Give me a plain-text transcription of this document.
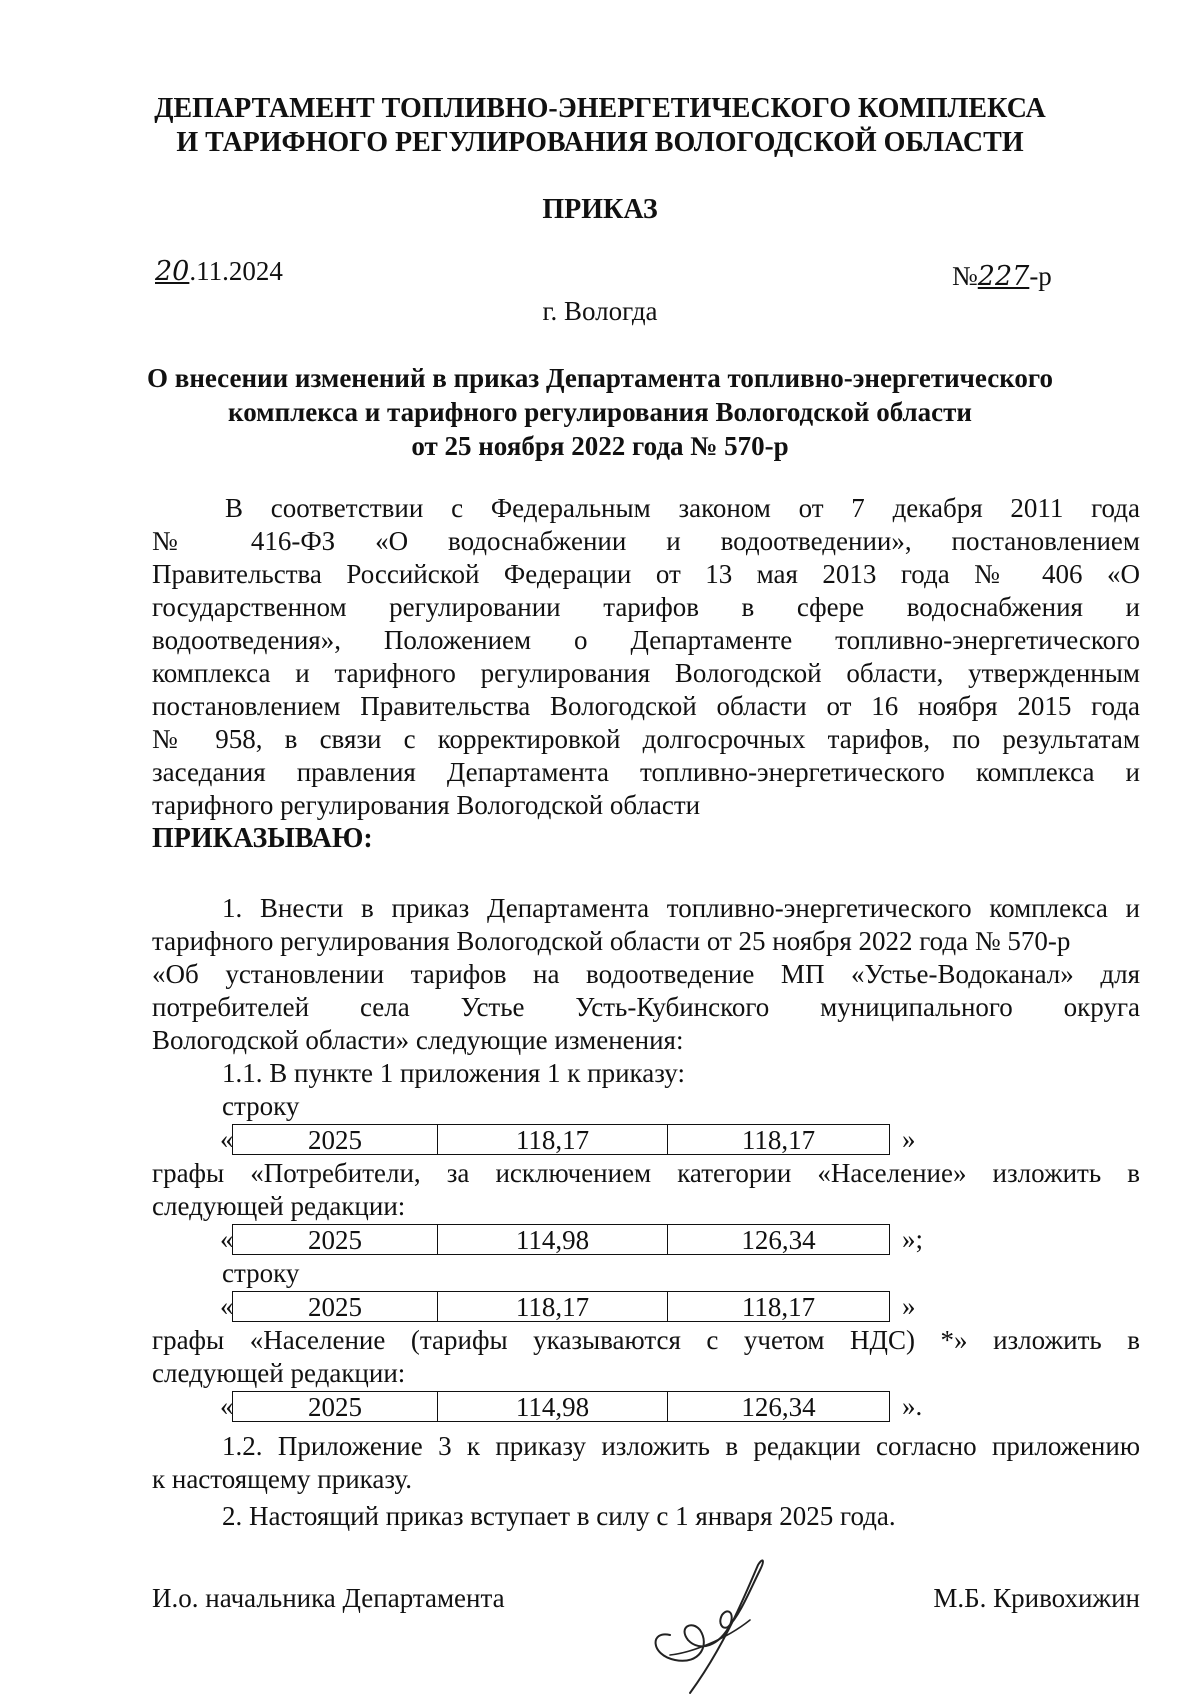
ДЕПАРТАМЕНТ ТОПЛИВНО-ЭНЕРГЕТИЧЕСКОГО КОМПЛЕКСА
И ТАРИФНОГО РЕГУЛИРОВАНИЯ ВОЛОГОДСКОЙ ОБЛАСТИ
ПРИКАЗ
20.11.2024	№227-р
г. Вологда
О внесении изменений в приказ Департамента топливно-энергетического
комплекса и тарифного регулирования Вологодской области
от 25 ноября 2022 года № 570-р
В соответствии с Федеральным законом от 7 декабря 2011 года
№ 416-ФЗ «О водоснабжении и водоотведении», постановлением
Правительства Российской Федерации от 13 мая 2013 года № 406 «О
государственном регулировании тарифов в сфере водоснабжения и
водоотведения», Положением о Департаменте топливно-энергетического
комплекса и тарифного регулирования Вологодской области, утвержденным
постановлением Правительства Вологодской области от 16 ноября 2015 года
№ 958, в связи с корректировкой долгосрочных тарифов, по результатам
заседания правления Департамента топливно-энергетического комплекса и
тарифного регулирования Вологодской области
ПРИКАЗЫВАЮ:
1. Внести в приказ Департамента топливно-энергетического комплекса и
тарифного регулирования Вологодской области от 25 ноября 2022 года № 570-р
«Об установлении тарифов на водоотведение МП «Устье-Водоканал» для
потребителей села Устье Усть-Кубинского муниципального округа
Вологодской области» следующие изменения:
1.1. В пункте 1 приложения 1 к приказу:
строку
«	2025	118,17	118,17	»
графы «Потребители, за исключением категории «Население» изложить в
следующей редакции:
«	2025	114,98	126,34	»;
строку
«	2025	118,17	118,17	»
графы «Население (тарифы указываются с учетом НДС) *» изложить в
следующей редакции:
«	2025	114,98	126,34	».
1.2. Приложение 3 к приказу изложить в редакции согласно приложению
к настоящему приказу.
2. Настоящий приказ вступает в силу с 1 января 2025 года.
И.о. начальника Департамента	М.Б. Кривохижин
